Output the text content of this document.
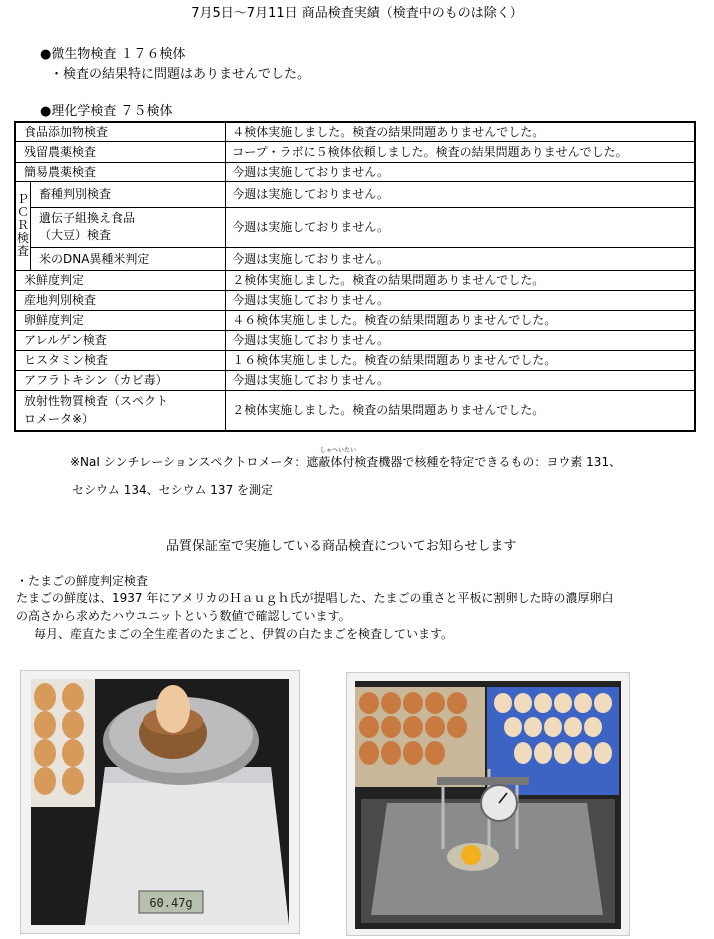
7月5日～7月11日 商品検査実績（検査中のものは除く）
●微生物検査 １７６検体
・検査の結果特に問題はありませんでした。
●理化学検査 ７５検体
食品添加物検査		４検体実施しました。検査の結果問題ありませんでした。
残留農薬検査		コープ・ラボに５検体依頼しました。検査の結果問題ありませんでした。
簡易農薬検査		今週は実施しておりません。

Ｐ
Ｃ
Ｒ
検
査	畜種判別検査	今週は実施しておりません。

	遺伝子組換え食品
（大豆）検査	今週は実施しておりません。
	米のDNA異種米判定	今週は実施しておりません。
米鮮度判定		２検体実施しました。検査の結果問題ありませんでした。
産地判別検査		今週は実施しておりません。
卵鮮度判定		４６検体実施しました。検査の結果問題ありませんでした。
アレルゲン検査		今週は実施しておりません。
ヒスタミン検査		１６検体実施しました。検査の結果問題ありませんでした。
アフラトキシン（カビ毒）		今週は実施しておりません。

放射性物質検査（スペクト
ロメータ※）		２検体実施しました。検査の結果問題ありませんでした。
しゃへいたい
※NaI シンチレーションスペクトロメータ：遮蔽体付検査機器で核種を特定できるもの：ヨウ素 131、
セシウム 134、セシウム 137 を測定
品質保証室で実施している商品検査についてお知らせします
・たまごの鮮度判定検査
たまごの鮮度は、1937 年にアメリカのＨａｕｇｈ氏が提唱した、たまごの重さと平板に割卵した時の濃厚卵白
の高さから求めたハウユニットという数値で確認しています。
毎月、産直たまごの全生産者のたまごと、伊賀の白たまごを検査しています。
60.47g
